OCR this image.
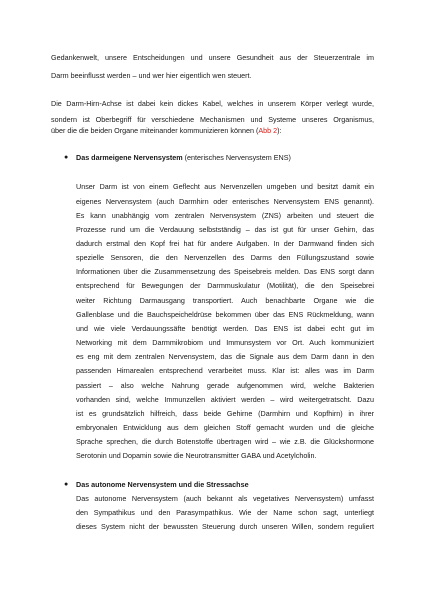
Gedankenwelt, unsere Entscheidungen und unsere Gesundheit aus der Steuerzentrale im
Darm beeinflusst werden – und wer hier eigentlich wen steuert.
Die Darm-Hirn-Achse ist dabei kein dickes Kabel, welches in unserem Körper verlegt wurde,
sondern ist Oberbegriff für verschiedene Mechanismen und Systeme unseres Organismus,
über die die beiden Organe miteinander kommunizieren können (Abb 2):
● Das darmeigene Nervensystem (enterisches Nervensystem ENS)
Unser Darm ist von einem Geflecht aus Nervenzellen umgeben und besitzt damit ein
eigenes Nervensystem (auch Darmhirn oder enterisches Nervensystem ENS genannt).
Es kann unabhängig vom zentralen Nervensystem (ZNS) arbeiten und steuert die
Prozesse rund um die Verdauung selbstständig – das ist gut für unser Gehirn, das
dadurch erstmal den Kopf frei hat für andere Aufgaben. In der Darmwand finden sich
spezielle Sensoren, die den Nervenzellen des Darms den Füllungszustand sowie
Informationen über die Zusammensetzung des Speisebreis melden. Das ENS sorgt dann
entsprechend für Bewegungen der Darmmuskulatur (Motilität), die den Speisebrei
weiter Richtung Darmausgang transportiert. Auch benachbarte Organe wie die
Gallenblase und die Bauchspeicheldrüse bekommen über das ENS Rückmeldung, wann
und wie viele Verdauungssäfte benötigt werden. Das ENS ist dabei echt gut im
Networking mit dem Darmmikrobiom und Immunsystem vor Ort. Auch kommuniziert
es eng mit dem zentralen Nervensystem, das die Signale aus dem Darm dann in den
passenden Hirnarealen entsprechend verarbeitet muss. Klar ist: alles was im Darm
passiert – also welche Nahrung gerade aufgenommen wird, welche Bakterien
vorhanden sind, welche Immunzellen aktiviert werden – wird weitergetratscht. Dazu
ist es grundsätzlich hilfreich, dass beide Gehirne (Darmhirn und Kopfhirn) in ihrer
embryonalen Entwicklung aus dem gleichen Stoff gemacht wurden und die gleiche
Sprache sprechen, die durch Botenstoffe übertragen wird – wie z.B. die Glückshormone
Serotonin und Dopamin sowie die Neurotransmitter GABA und Acetylcholin.
● Das autonome Nervensystem und die Stressachse
Das autonome Nervensystem (auch bekannt als vegetatives Nervensystem) umfasst
den Sympathikus und den Parasympathikus. Wie der Name schon sagt, unterliegt
dieses System nicht der bewussten Steuerung durch unseren Willen, sondern reguliert
